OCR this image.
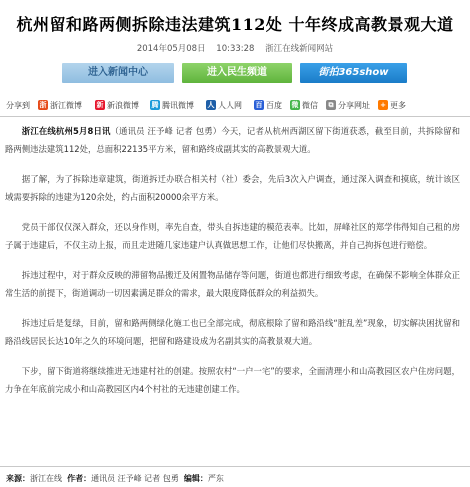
杭州留和路两侧拆除违法建筑112处 十年终成高教景观大道
2014年05月08日 10:33:28 浙江在线新闻网站
进入新闻中心	进入民生频道	街拍365show
分享到 浙 浙江微博 新 新浪微博 腾 腾讯微博 人 人人网 百 百度 微 微信	⧉ 分享网址 + 更多

浙江在线杭州5月8日讯（通讯员 汪予峰 记者 包勇）今天，记者从杭州西湖区留下街道获悉，截至目前，共拆除留和路两侧违法建筑112处，总面积22135平方米，留和路终成副其实的高教景观大道。

据了解，为了拆除违章建筑，街道拆迁办联合相关村（社）委会，先后3次入户调查，通过深入调查和摸底，统计该区域需要拆除的违建为120余处，约占面积20000余平方米。

党员干部仅仅深入群众，还以身作则，率先自查，带头自拆违建的模范表率。比如，屏峰社区的郑学伟得知自己租的房子属于违建后，不仅主动上报，而且走进随几家违建户认真做思想工作，让他们尽快搬离，并自己拘拆包进行赔偿。

拆违过程中，对于群众反映的滞留物品搬迁及闲置物品储存等问题，街道也都进行细致考虑，在确保不影响全体群众正常生活的前提下，街道调动一切因素满足群众的需求，最大限度降低群众的利益损失。

拆违过后是复绿，目前，留和路两侧绿化施工也已全部完成，彻底根除了留和路沿线“脏乱差”现象，切实解决困扰留和路沿线居民长达10年之久的环境问题，把留和路建设成为名副其实的高教景观大道。

下步，留下街道将继续推进无违建村社的创建。按照农村“一户一宅”的要求，全面清理小和山高教园区农户住房问题，力争在年底前完成小和山高教园区内4个村社的无违建创建工作。

来源：浙江在线 作者：通讯员 汪予峰 记者 包勇 编辑：严东
